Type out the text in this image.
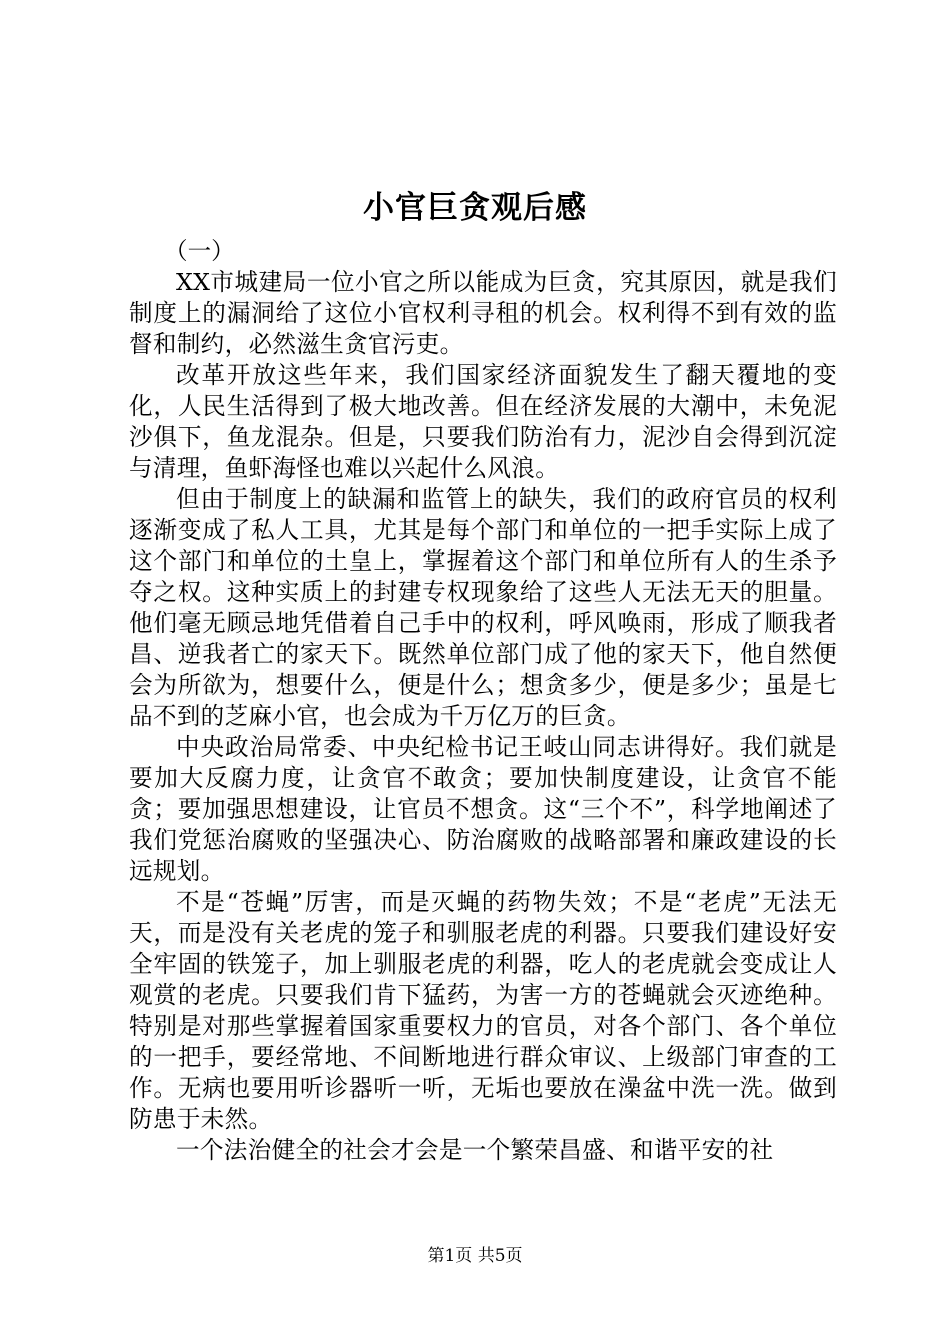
小官巨贪观后感

（一）

XX市城建局一位小官之所以能成为巨贪，究其原因，就是我们制度上的漏洞给了这位小官权利寻租的机会。权利得不到有效的监督和制约，必然滋生贪官污吏。

改革开放这些年来，我们国家经济面貌发生了翻天覆地的变化，人民生活得到了极大地改善。但在经济发展的大潮中，未免泥沙俱下，鱼龙混杂。但是，只要我们防治有力，泥沙自会得到沉淀与清理，鱼虾海怪也难以兴起什么风浪。

但由于制度上的缺漏和监管上的缺失，我们的政府官员的权利逐渐变成了私人工具，尤其是每个部门和单位的一把手实际上成了这个部门和单位的土皇上，掌握着这个部门和单位所有人的生杀予夺之权。这种实质上的封建专权现象给了这些人无法无天的胆量。他们毫无顾忌地凭借着自己手中的权利，呼风唤雨，形成了顺我者昌、逆我者亡的家天下。既然单位部门成了他的家天下，他自然便会为所欲为，想要什么，便是什么；想贪多少，便是多少；虽是七品不到的芝麻小官，也会成为千万亿万的巨贪。

中央政治局常委、中央纪检书记王岐山同志讲得好。我们就是要加大反腐力度，让贪官不敢贪；要加快制度建设，让贪官不能贪；要加强思想建设，让官员不想贪。这“三个不”，科学地阐述了我们党惩治腐败的坚强决心、防治腐败的战略部署和廉政建设的长远规划。

不是“苍蝇”厉害，而是灭蝇的药物失效；不是“老虎”无法无天，而是没有关老虎的笼子和驯服老虎的利器。只要我们建设好安全牢固的铁笼子，加上驯服老虎的利器，吃人的老虎就会变成让人观赏的老虎。只要我们肯下猛药，为害一方的苍蝇就会灭迹绝种。特别是对那些掌握着国家重要权力的官员，对各个部门、各个单位的一把手，要经常地、不间断地进行群众审议、上级部门审查的工作。无病也要用听诊器听一听，无垢也要放在澡盆中洗一洗。做到防患于未然。

一个法治健全的社会才会是一个繁荣昌盛、和谐平安的社

第1页 共5页
